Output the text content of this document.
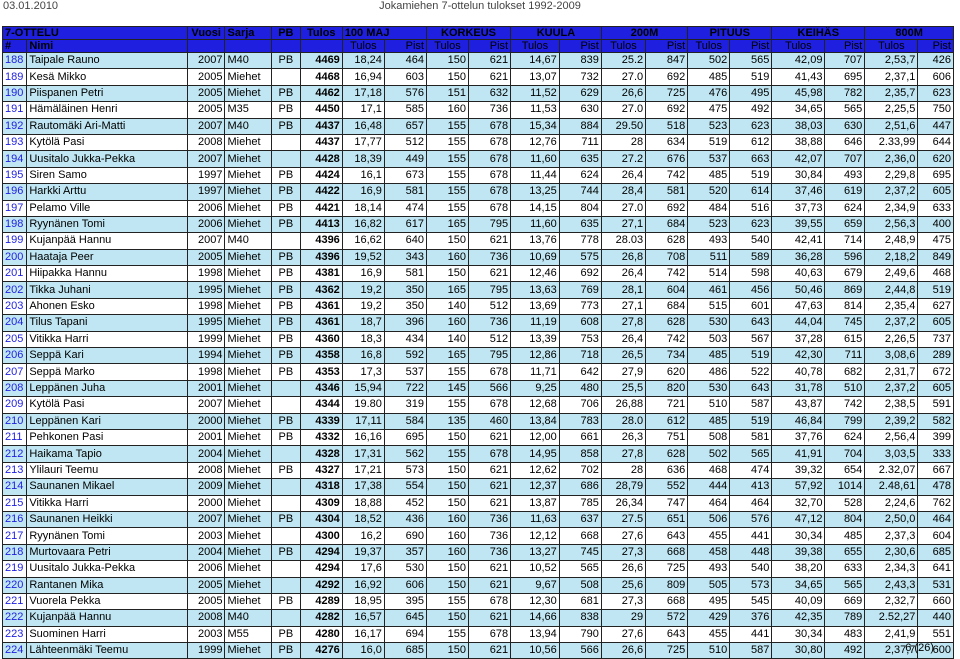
03.01.2010	Jokamiehen 7-ottelun tulokset 1992-2009
7-OTTELU		Vuosi	Sarja	PB	Tulos	100 MAJ		KORKEUS		KUULA		200M		PITUUS		KEIHÄS		800M	
#	Nimi					Tulos	Pist	Tulos	Pist	Tulos	Pist	Tulos	Pist	Tulos	Pist	Tulos	Pist	Tulos	Pist
188	Taipale Rauno	2007	M40	PB	4469	18,24	464	150	621	14,67	839	25.2	847	502	565	42,09	707	2,53,7	426
189	Kesä Mikko	2005	Miehet		4468	16,94	603	150	621	13,07	732	27.0	692	485	519	41,43	695	2,37,1	606
190	Piispanen Petri	2005	Miehet	PB	4462	17,18	576	151	632	11,52	629	26,6	725	476	495	45,98	782	2,35,7	623
191	Hämäläinen Henri	2005	M35	PB	4450	17,1	585	160	736	11,53	630	27.0	692	475	492	34,65	565	2,25,5	750
192	Rautomäki Ari-Matti	2007	M40	PB	4437	16,48	657	155	678	15,34	884	29.50	518	523	623	38,03	630	2,51,6	447
193	Kytölä Pasi	2008	Miehet		4437	17,77	512	155	678	12,76	711	28	634	519	612	38,88	646	2.33,99	644
194	Uusitalo Jukka-Pekka	2007	Miehet		4428	18,39	449	155	678	11,60	635	27.2	676	537	663	42,07	707	2,36,0	620
195	Siren Samo	1997	Miehet	PB	4424	16,1	673	155	678	11,44	624	26,4	742	485	519	30,84	493	2,29,8	695
196	Harkki Arttu	1997	Miehet	PB	4422	16,9	581	155	678	13,25	744	28,4	581	520	614	37,46	619	2,37,2	605
197	Pelamo Ville	2006	Miehet	PB	4421	18,14	474	155	678	14,15	804	27.0	692	484	516	37,73	624	2,34,9	633
198	Ryynänen Tomi	2006	Miehet	PB	4413	16,82	617	165	795	11,60	635	27,1	684	523	623	39,55	659	2,56,3	400
199	Kujanpää Hannu	2007	M40		4396	16,62	640	150	621	13,76	778	28.03	628	493	540	42,41	714	2,48,9	475
200	Haataja Peer	2005	Miehet	PB	4396	19,52	343	160	736	10,69	575	26,8	708	511	589	36,28	596	2,18,2	849
201	Hiipakka Hannu	1998	Miehet	PB	4381	16,9	581	150	621	12,46	692	26,4	742	514	598	40,63	679	2,49,6	468
202	Tikka Juhani	1995	Miehet	PB	4362	19,2	350	165	795	13,63	769	28,1	604	461	456	50,46	869	2,44,8	519
203	Ahonen Esko	1998	Miehet	PB	4361	19,2	350	140	512	13,69	773	27,1	684	515	601	47,63	814	2,35,4	627
204	Tilus Tapani	1995	Miehet	PB	4361	18,7	396	160	736	11,19	608	27,8	628	530	643	44,04	745	2,37,2	605
205	Vitikka Harri	1999	Miehet	PB	4360	18,3	434	140	512	13,39	753	26,4	742	503	567	37,28	615	2,26,5	737
206	Seppä Kari	1994	Miehet	PB	4358	16,8	592	165	795	12,86	718	26,5	734	485	519	42,30	711	3,08,6	289
207	Seppä Marko	1998	Miehet	PB	4353	17,3	537	155	678	11,71	642	27,9	620	486	522	40,78	682	2,31,7	672
208	Leppänen Juha	2001	Miehet		4346	15,94	722	145	566	9,25	480	25,5	820	530	643	31,78	510	2,37,2	605
209	Kytölä Pasi	2007	Miehet		4344	19.80	319	155	678	12,68	706	26,88	721	510	587	43,87	742	2,38,5	591
210	Leppänen Kari	2000	Miehet	PB	4339	17,11	584	135	460	13,84	783	28.0	612	485	519	46,84	799	2,39,2	582
211	Pehkonen Pasi	2001	Miehet	PB	4332	16,16	695	150	621	12,00	661	26,3	751	508	581	37,76	624	2,56,4	399
212	Haikama Tapio	2004	Miehet		4328	17,31	562	155	678	14,95	858	27,8	628	502	565	41,91	704	3,03,5	333
213	Ylilauri Teemu	2008	Miehet	PB	4327	17,21	573	150	621	12,62	702	28	636	468	474	39,32	654	2.32,07	667
214	Saunanen Mikael	2009	Miehet		4318	17,38	554	150	621	12,37	686	28,79	552	444	413	57,92	1014	2.48,61	478
215	Vitikka Harri	2000	Miehet		4309	18,88	452	150	621	13,87	785	26,34	747	464	464	32,70	528	2,24,6	762
216	Saunanen Heikki	2007	Miehet	PB	4304	18,52	436	160	736	11,63	637	27.5	651	506	576	47,12	804	2,50,0	464
217	Ryynänen Tomi	2003	Miehet		4300	16,2	690	160	736	12,12	668	27,6	643	455	441	30,34	485	2,37,3	604
218	Murtovaara Petri	2004	Miehet	PB	4294	19,37	357	160	736	13,27	745	27,3	668	458	448	39,38	655	2,30,6	685
219	Uusitalo Jukka-Pekka	2006	Miehet		4294	17,6	530	150	621	10,52	565	26,6	725	493	540	38,20	633	2,34,3	641
220	Rantanen Mika	2005	Miehet		4292	16,92	606	150	621	9,67	508	25,6	809	505	573	34,65	565	2,43,3	531
221	Vuorela Pekka	2005	Miehet	PB	4289	18,95	395	155	678	12,30	681	27,3	668	495	545	40,09	669	2,32,7	660
222	Kujanpää Hannu	2008	M40		4282	16,57	645	150	621	14,66	838	29	572	429	376	42,35	789	2.52,27	440
223	Suominen Harri	2003	M55	PB	4280	16,17	694	155	678	13,94	790	27,6	643	455	441	30,34	483	2,41,9	551
224	Lähteenmäki Teemu	1999	Miehet	PB	4276	16,0	685	150	621	10,56	566	26,6	725	510	587	30,80	492	2,37,7	600
6 (26)
